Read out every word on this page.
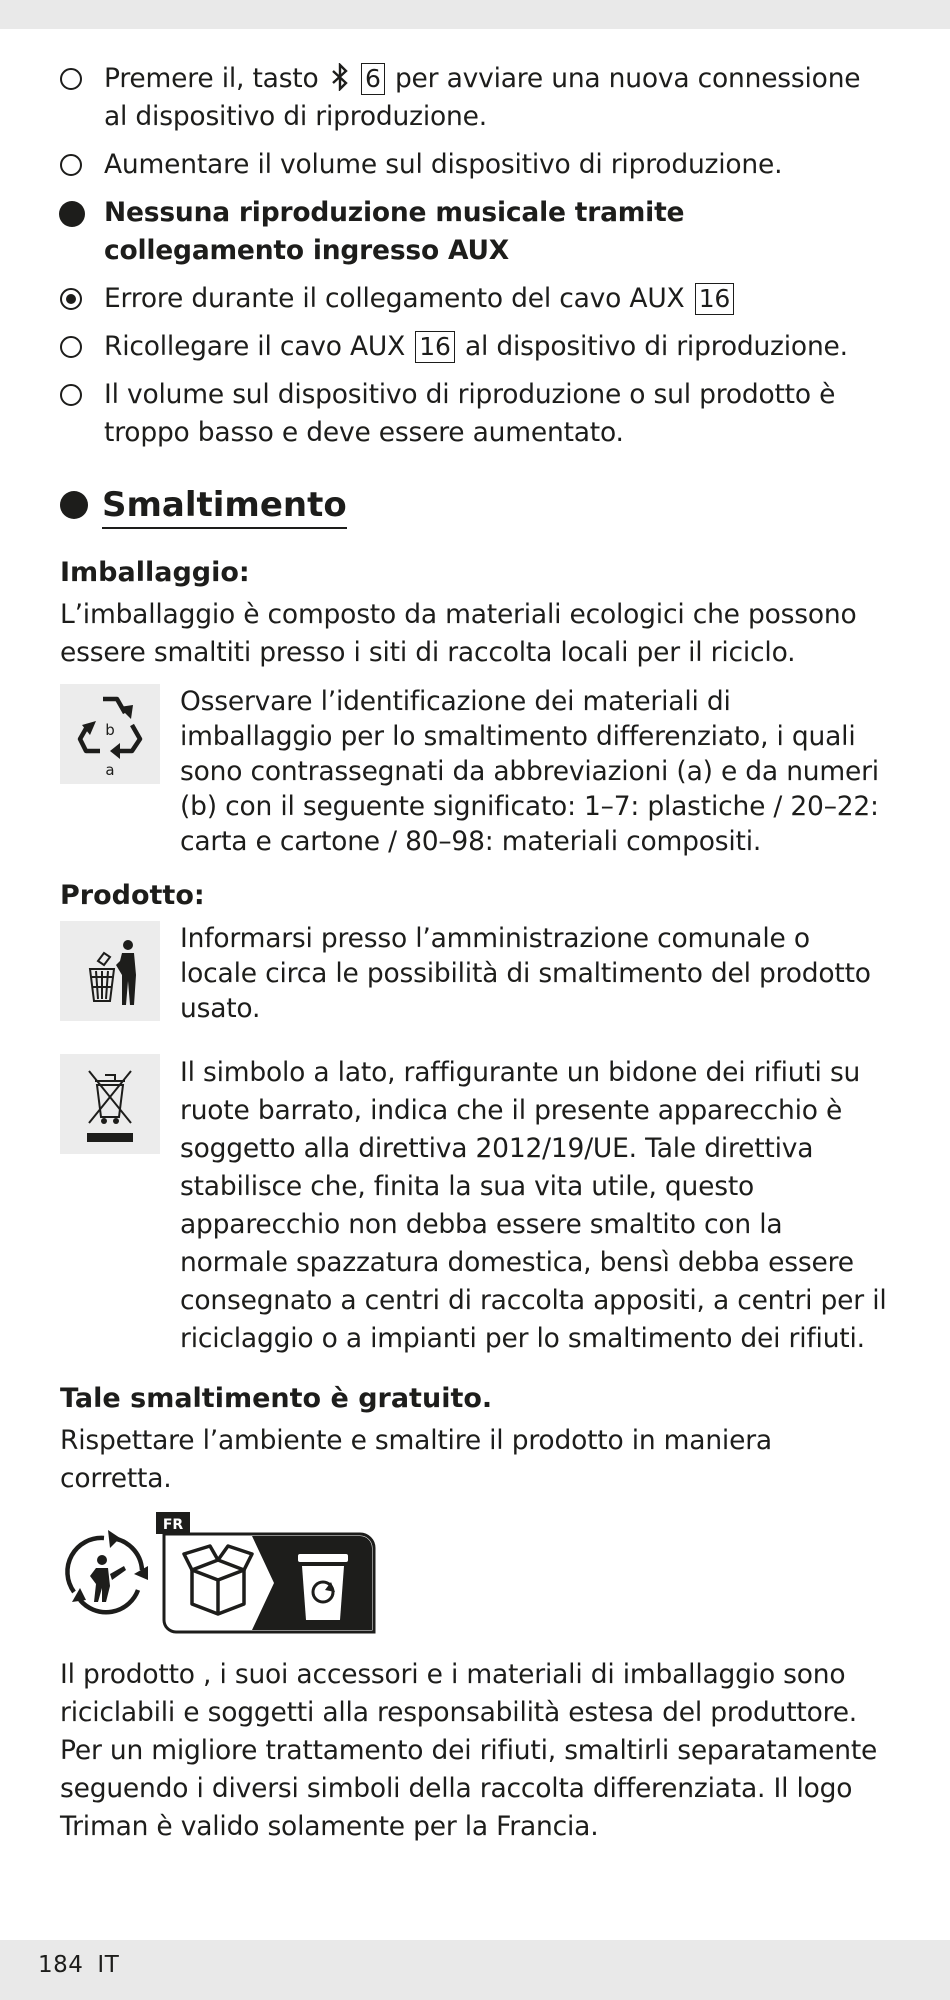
Premere il, tasto 6 per avviare una nuova connessione al dispositivo di riproduzione.
Aumentare il volume sul dispositivo di riproduzione.
Nessuna riproduzione musicale tramite collegamento ingresso AUX
Errore durante il collegamento del cavo AUX 16
Ricollegare il cavo AUX 16 al dispositivo di riproduzione.
Il volume sul dispositivo di riproduzione o sul prodotto è troppo basso e deve essere aumentato.
Smaltimento
Imballaggio:

L’imballaggio è composto da materiali ecologici che possono essere smaltiti presso i siti di raccolta locali per il riciclo.

b
a
Osservare l’identificazione dei materiali di imballaggio per lo smaltimento differenziato, i quali sono contrassegnati da abbreviazioni (a) e da numeri (b) con il seguente significato: 1–7: plastiche / 20–22: carta e cartone / 80–98: materiali compositi.
Prodotto:
Informarsi presso l’amministrazione comunale o locale circa le possibilità di smaltimento del prodotto usato.
Il simbolo a lato, raffigurante un bidone dei rifiuti su ruote barrato, indica che il presente apparecchio è soggetto alla direttiva 2012/19/UE. Tale direttiva stabilisce che, finita la sua vita utile, questo apparecchio non debba essere smaltito con la normale spazzatura domestica, bensì debba essere consegnato a centri di raccolta appositi, a centri per il riciclaggio o a impianti per lo smaltimento dei rifiuti.
Tale smaltimento è gratuito.

Rispettare l’ambiente e smaltire il prodotto in maniera corretta.

FR

Il prodotto , i suoi accessori e i materiali di imballaggio sono riciclabili e soggetti alla responsabilità estesa del produttore. Per un migliore trattamento dei rifiuti, smaltirli separatamente seguendo i diversi simboli della raccolta differenziata. Il logo Triman è valido solamente per la Francia.

184 IT
